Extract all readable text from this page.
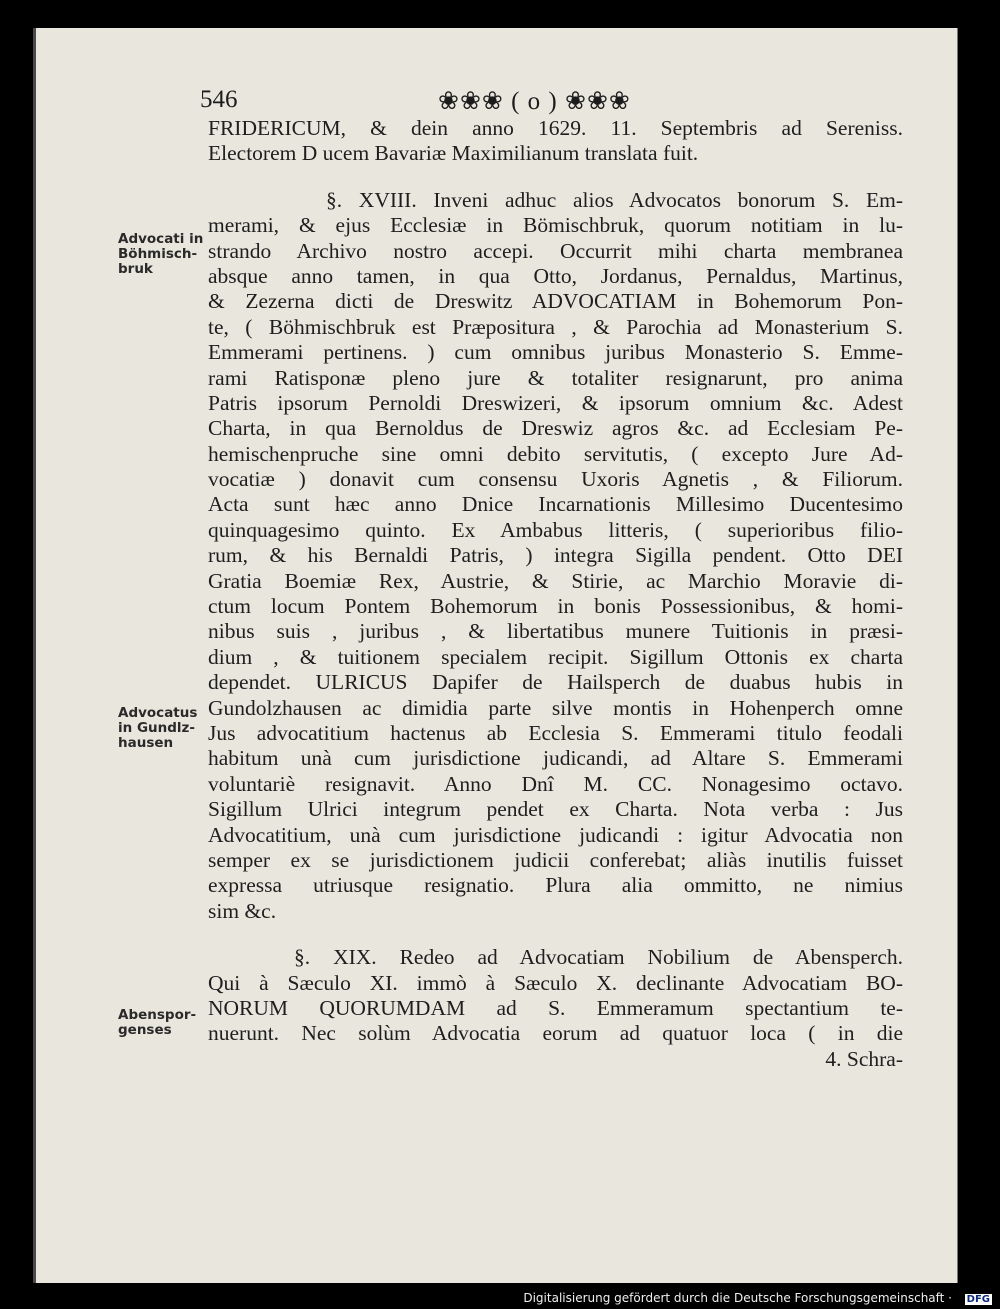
546	❀❀❀ ( o ) ❀❀❀
Advocati in Böhmisch-bruk
Advocatus in Gundlz-hausen
Abenspor-genses
FRIDERICUM, & dein anno 1629. 11. Septembris ad Sereniss.
Electorem D ucem Bavariæ Maximilianum translata fuit.
§. XVIII. Inveni adhuc alios Advocatos bonorum S. Em-
merami, & ejus Ecclesiæ in Bömischbruk, quorum notitiam in lu-
strando Archivo nostro accepi. Occurrit mihi charta membranea
absque anno tamen, in qua Otto, Jordanus, Pernaldus, Martinus,
& Zezerna dicti de Dreswitz ADVOCATIAM in Bohemorum Pon-
te, ( Böhmischbruk est Præpositura , & Parochia ad Monasterium S.
Emmerami pertinens. ) cum omnibus juribus Monasterio S. Emme-
rami Ratisponæ pleno jure & totaliter resignarunt, pro anima
Patris ipsorum Pernoldi Dreswizeri, & ipsorum omnium &c. Adest
Charta, in qua Bernoldus de Dreswiz agros &c. ad Ecclesiam Pe-
hemischenpruche sine omni debito servitutis, ( excepto Jure Ad-
vocatiæ ) donavit cum consensu Uxoris Agnetis , & Filiorum.
Acta sunt hæc anno Dnice Incarnationis Millesimo Ducentesimo
quinquagesimo quinto. Ex Ambabus litteris, ( superioribus filio-
rum, & his Bernaldi Patris, ) integra Sigilla pendent. Otto DEI
Gratia Boemiæ Rex, Austrie, & Stirie, ac Marchio Moravie di-
ctum locum Pontem Bohemorum in bonis Possessionibus, & homi-
nibus suis , juribus , & libertatibus munere Tuitionis in præsi-
dium , & tuitionem specialem recipit. Sigillum Ottonis ex charta
dependet. ULRICUS Dapifer de Hailsperch de duabus hubis in
Gundolzhausen ac dimidia parte silve montis in Hohenperch omne
Jus advocatitium hactenus ab Ecclesia S. Emmerami titulo feodali
habitum unà cum jurisdictione judicandi, ad Altare S. Emmerami
voluntariè resignavit. Anno Dnî M. CC. Nonagesimo octavo.
Sigillum Ulrici integrum pendet ex Charta. Nota verba : Jus
Advocatitium, unà cum jurisdictione judicandi : igitur Advocatia non
semper ex se jurisdictionem judicii conferebat; aliàs inutilis fuisset
expressa utriusque resignatio. Plura alia ommitto, ne nimius
sim &c.
§. XIX. Redeo ad Advocatiam Nobilium de Abensperch.
Qui à Sæculo XI. immò à Sæculo X. declinante Advocatiam BO-
NORUM QUORUMDAM ad S. Emmeramum spectantium te-
nuerunt. Nec solùm Advocatia eorum ad quatuor loca ( in die
4. Schra-
Digitalisierung gefördert durch die Deutsche Forschungsgemeinschaft · DFG
